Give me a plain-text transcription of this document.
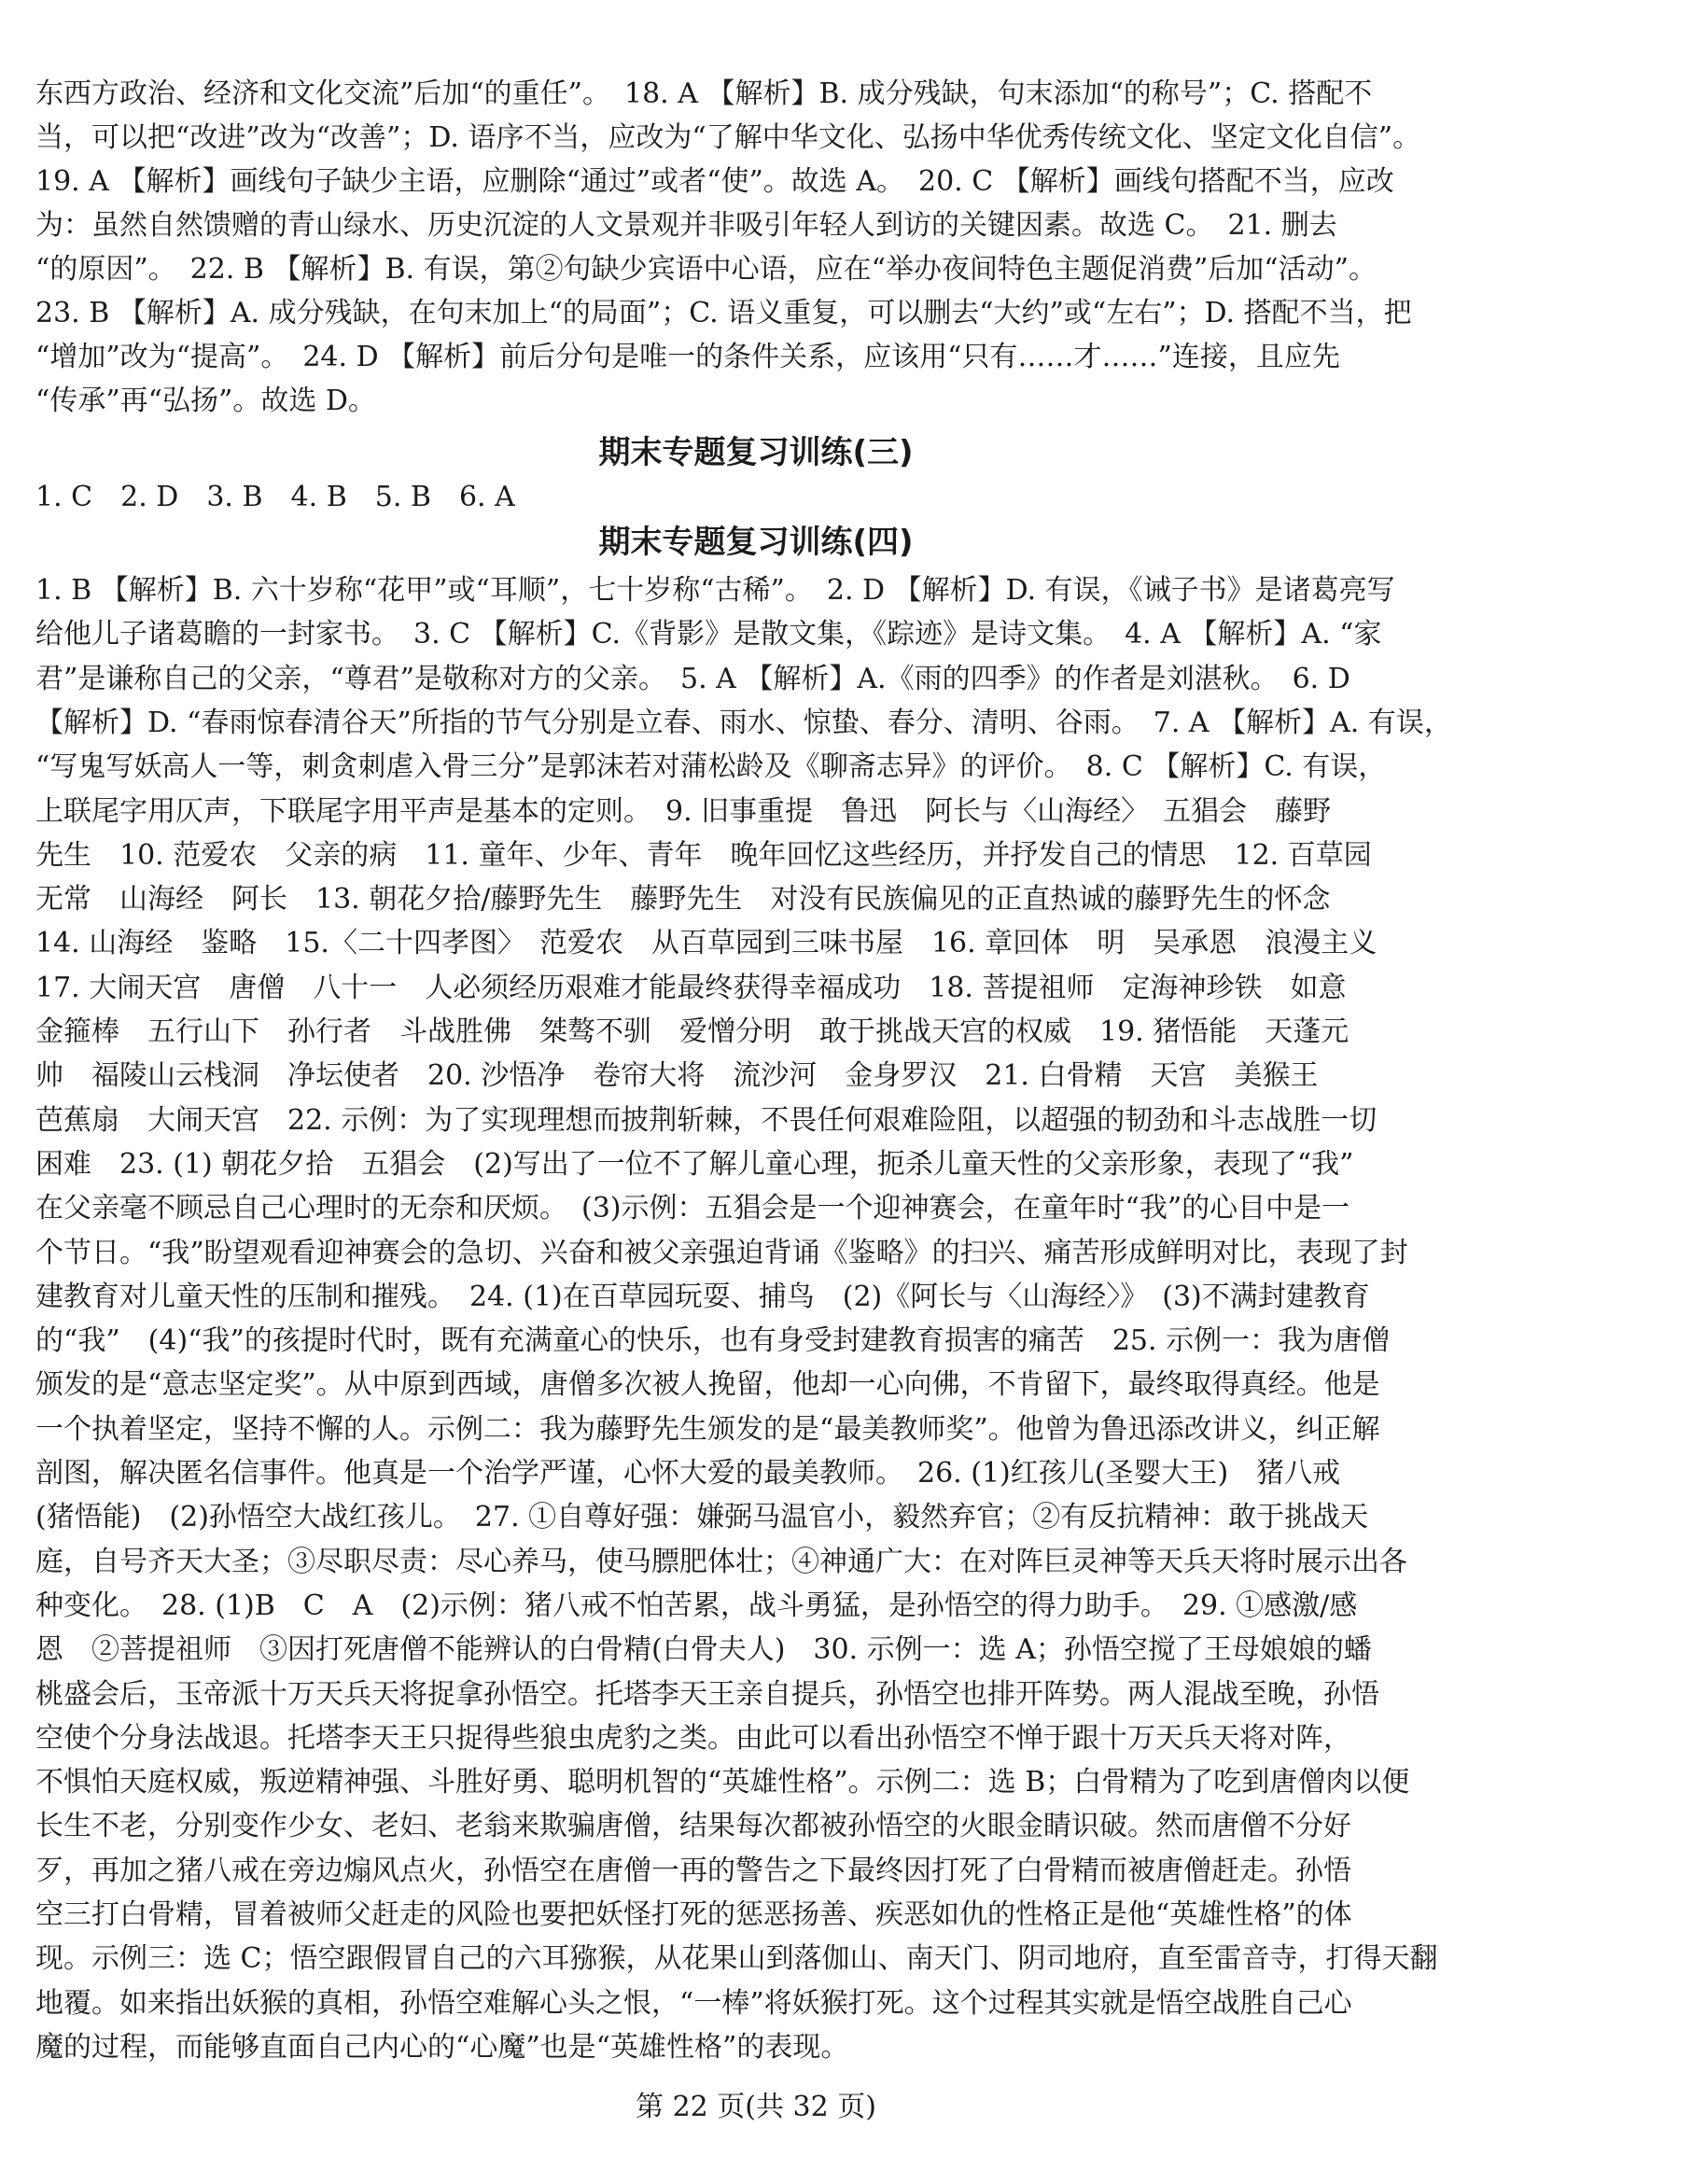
东西方政治、经济和文化交流”后加“的重任”。　18. A 【解析】B. 成分残缺，句末添加“的称号”；C. 搭配不
当，可以把“改进”改为“改善”；D. 语序不当，应改为“了解中华文化、弘扬中华优秀传统文化、坚定文化自信”。
19. A 【解析】画线句子缺少主语，应删除“通过”或者“使”。故选 A。　20. C 【解析】画线句搭配不当，应改
为：虽然自然馈赠的青山绿水、历史沉淀的人文景观并非吸引年轻人到访的关键因素。故选 C。　21. 删去
“的原因”。　22. B 【解析】B. 有误，第②句缺少宾语中心语，应在“举办夜间特色主题促消费”后加“活动”。
23. B 【解析】A. 成分残缺，在句末加上“的局面”；C. 语义重复，可以删去“大约”或“左右”；D. 搭配不当，把
“增加”改为“提高”。　24. D 【解析】前后分句是唯一的条件关系，应该用“只有……才……”连接，且应先
“传承”再“弘扬”。故选 D。
期末专题复习训练(三)
1. C　2. D　3. B　4. B　5. B　6. A
期末专题复习训练(四)
1. B 【解析】B. 六十岁称“花甲”或“耳顺”，七十岁称“古稀”。　2. D 【解析】D. 有误，《诫子书》是诸葛亮写
给他儿子诸葛瞻的一封家书。　3. C 【解析】C.《背影》是散文集，《踪迹》是诗文集。　4. A 【解析】A. “家
君”是谦称自己的父亲，“尊君”是敬称对方的父亲。　5. A 【解析】A.《雨的四季》的作者是刘湛秋。　6. D
【解析】D. “春雨惊春清谷天”所指的节气分别是立春、雨水、惊蛰、春分、清明、谷雨。　7. A 【解析】A. 有误，
“写鬼写妖高人一等，刺贪刺虐入骨三分”是郭沫若对蒲松龄及《聊斋志异》的评价。　8. C 【解析】C. 有误，
上联尾字用仄声，下联尾字用平声是基本的定则。　9. 旧事重提　鲁迅　阿长与〈山海经〉　五猖会　藤野
先生　10. 范爱农　父亲的病　11. 童年、少年、青年　晚年回忆这些经历，并抒发自己的情思　12. 百草园
无常　山海经　阿长　13. 朝花夕拾/藤野先生　藤野先生　对没有民族偏见的正直热诚的藤野先生的怀念
14. 山海经　鉴略　15.〈二十四孝图〉　范爱农　从百草园到三味书屋　16. 章回体　明　吴承恩　浪漫主义
17. 大闹天宫　唐僧　八十一　人必须经历艰难才能最终获得幸福成功　18. 菩提祖师　定海神珍铁　如意
金箍棒　五行山下　孙行者　斗战胜佛　桀骜不驯　爱憎分明　敢于挑战天宫的权威　19. 猪悟能　天蓬元
帅　福陵山云栈洞　净坛使者　20. 沙悟净　卷帘大将　流沙河　金身罗汉　21. 白骨精　天宫　美猴王
芭蕉扇　大闹天宫　22. 示例：为了实现理想而披荆斩棘，不畏任何艰难险阻，以超强的韧劲和斗志战胜一切
困难　23. (1) 朝花夕拾　五猖会　(2)写出了一位不了解儿童心理，扼杀儿童天性的父亲形象，表现了“我”
在父亲毫不顾忌自己心理时的无奈和厌烦。　(3)示例：五猖会是一个迎神赛会，在童年时“我”的心目中是一
个节日。“我”盼望观看迎神赛会的急切、兴奋和被父亲强迫背诵《鉴略》的扫兴、痛苦形成鲜明对比，表现了封
建教育对儿童天性的压制和摧残。　24. (1)在百草园玩耍、捕鸟　(2)《阿长与〈山海经〉》　(3)不满封建教育
的“我”　(4)“我”的孩提时代时，既有充满童心的快乐，也有身受封建教育损害的痛苦　25. 示例一：我为唐僧
颁发的是“意志坚定奖”。从中原到西域，唐僧多次被人挽留，他却一心向佛，不肯留下，最终取得真经。他是
一个执着坚定，坚持不懈的人。示例二：我为藤野先生颁发的是“最美教师奖”。他曾为鲁迅添改讲义，纠正解
剖图，解决匿名信事件。他真是一个治学严谨，心怀大爱的最美教师。　26. (1)红孩儿(圣婴大王)　猪八戒
(猪悟能)　(2)孙悟空大战红孩儿。　27. ①自尊好强：嫌弼马温官小，毅然弃官；②有反抗精神：敢于挑战天
庭，自号齐天大圣；③尽职尽责：尽心养马，使马膘肥体壮；④神通广大：在对阵巨灵神等天兵天将时展示出各
种变化。　28. (1)B　C　A　(2)示例：猪八戒不怕苦累，战斗勇猛，是孙悟空的得力助手。　29. ①感激/感
恩　②菩提祖师　③因打死唐僧不能辨认的白骨精(白骨夫人)　30. 示例一：选 A；孙悟空搅了王母娘娘的蟠
桃盛会后，玉帝派十万天兵天将捉拿孙悟空。托塔李天王亲自提兵，孙悟空也排开阵势。两人混战至晚，孙悟
空使个分身法战退。托塔李天王只捉得些狼虫虎豹之类。由此可以看出孙悟空不惮于跟十万天兵天将对阵，
不惧怕天庭权威，叛逆精神强、斗胜好勇、聪明机智的“英雄性格”。示例二：选 B；白骨精为了吃到唐僧肉以便
长生不老，分别变作少女、老妇、老翁来欺骗唐僧，结果每次都被孙悟空的火眼金睛识破。然而唐僧不分好
歹，再加之猪八戒在旁边煽风点火，孙悟空在唐僧一再的警告之下最终因打死了白骨精而被唐僧赶走。孙悟
空三打白骨精，冒着被师父赶走的风险也要把妖怪打死的惩恶扬善、疾恶如仇的性格正是他“英雄性格”的体
现。示例三：选 C；悟空跟假冒自己的六耳猕猴，从花果山到落伽山、南天门、阴司地府，直至雷音寺，打得天翻
地覆。如来指出妖猴的真相，孙悟空难解心头之恨，“一棒”将妖猴打死。这个过程其实就是悟空战胜自己心
魔的过程，而能够直面自己内心的“心魔”也是“英雄性格”的表现。
第 22 页(共 32 页)
